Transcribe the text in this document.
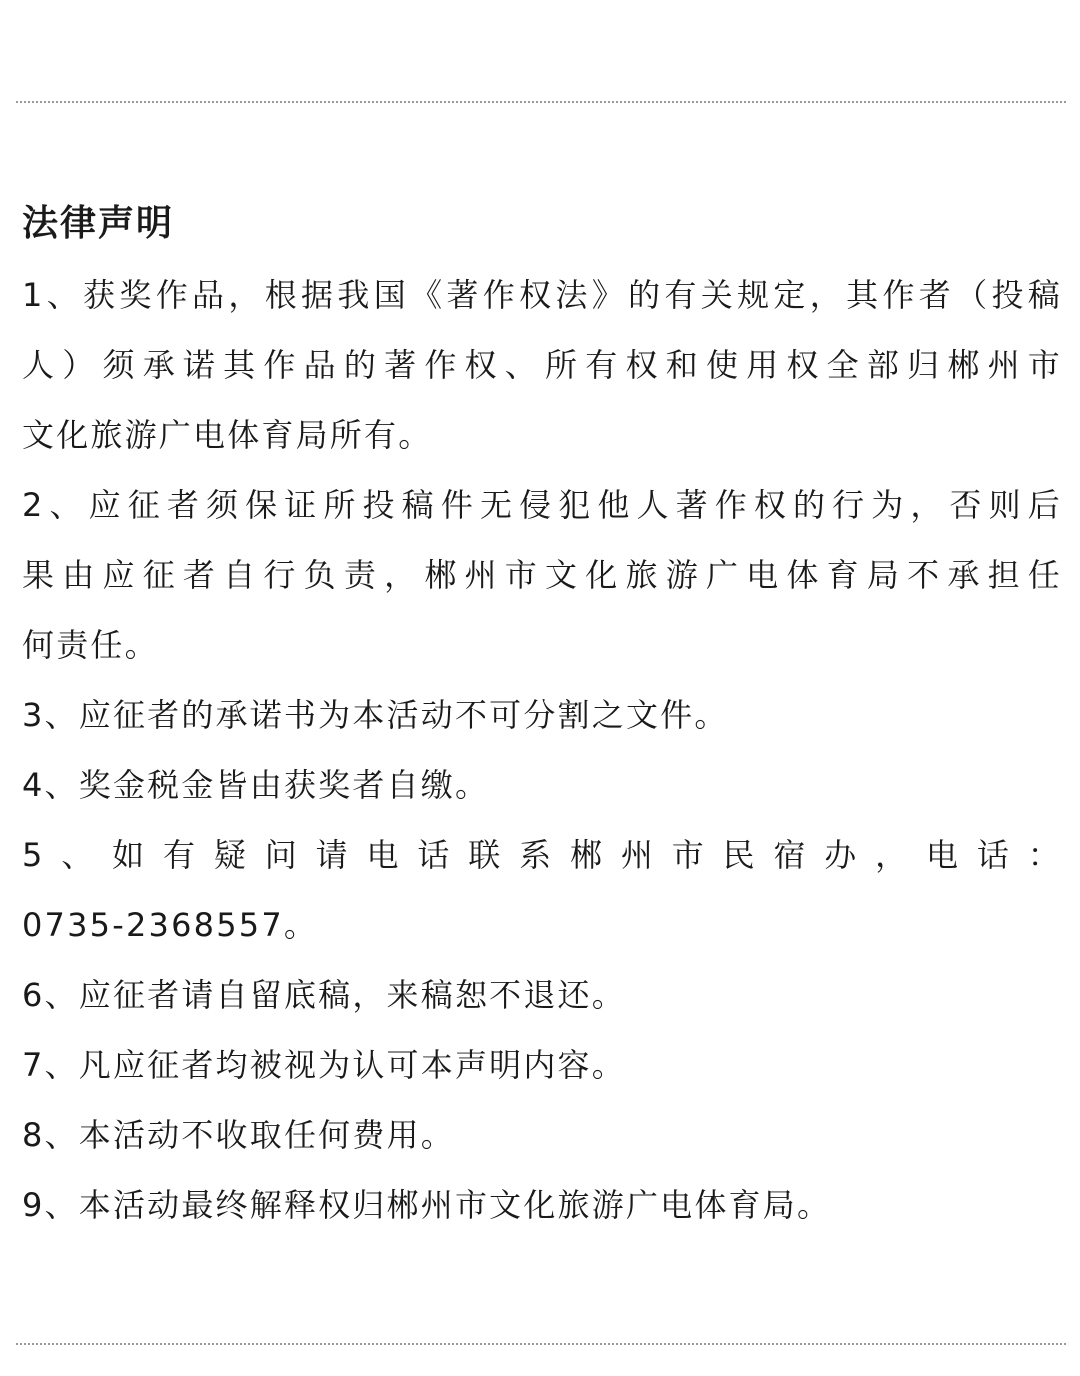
法律声明
1、获奖作品，根据我国《著作权法》的有关规定，其作者（投稿
人）须承诺其作品的著作权、所有权和使用权全部归郴州市
文化旅游广电体育局所有。
2、应征者须保证所投稿件无侵犯他人著作权的行为，否则后
果由应征者自行负责，郴州市文化旅游广电体育局不承担任
何责任。
3、应征者的承诺书为本活动不可分割之文件。
4、奖金税金皆由获奖者自缴。
5、如有疑问请电话联系郴州市民宿办，电话：
0735-2368557。
6、应征者请自留底稿，来稿恕不退还。
7、凡应征者均被视为认可本声明内容。
8、本活动不收取任何费用。
9、本活动最终解释权归郴州市文化旅游广电体育局。
